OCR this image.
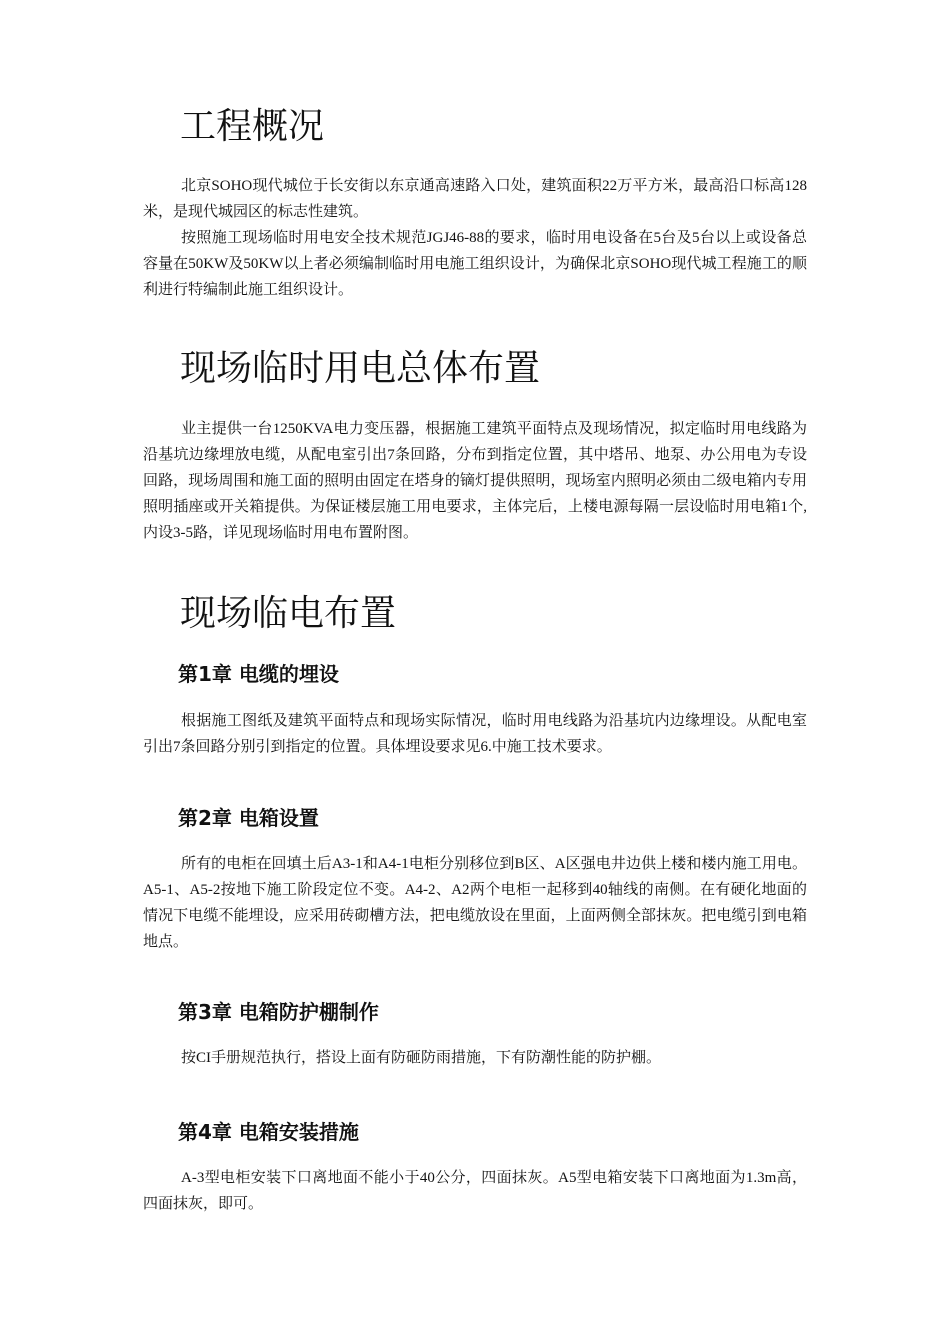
工程概况

北京SOHO现代城位于长安街以东京通高速路入口处，建筑面积22万平方米，最高沿口标高128米，是现代城园区的标志性建筑。

按照施工现场临时用电安全技术规范JGJ46-88的要求，临时用电设备在5台及5台以上或设备总容量在50KW及50KW以上者必须编制临时用电施工组织设计，为确保北京SOHO现代城工程施工的顺利进行特编制此施工组织设计。

现场临时用电总体布置

业主提供一台1250KVA电力变压器，根据施工建筑平面特点及现场情况，拟定临时用电线路为沿基坑边缘埋放电缆，从配电室引出7条回路，分布到指定位置，其中塔吊、地泵、办公用电为专设回路，现场周围和施工面的照明由固定在塔身的镝灯提供照明，现场室内照明必须由二级电箱内专用照明插座或开关箱提供。为保证楼层施工用电要求，主体完后，上楼电源每隔一层设临时用电箱1个,内设3-5路，详见现场临时用电布置附图。

现场临电布置
第1章 电缆的埋设

根据施工图纸及建筑平面特点和现场实际情况，临时用电线路为沿基坑内边缘埋设。从配电室引出7条回路分别引到指定的位置。具体埋设要求见6.中施工技术要求。

第2章 电箱设置

所有的电柜在回填土后A3-1和A4-1电柜分别移位到B区、A区强电井边供上楼和楼内施工用电。A5-1、A5-2按地下施工阶段定位不变。A4-2、A2两个电柜一起移到40轴线的南侧。在有硬化地面的情况下电缆不能埋设，应采用砖砌槽方法，把电缆放设在里面，上面两侧全部抹灰。把电缆引到电箱地点。

第3章 电箱防护棚制作

按CI手册规范执行，搭设上面有防砸防雨措施，下有防潮性能的防护棚。

第4章 电箱安装措施

A-3型电柜安装下口离地面不能小于40公分，四面抹灰。A5型电箱安装下口离地面为1.3m高，四面抹灰，即可。
